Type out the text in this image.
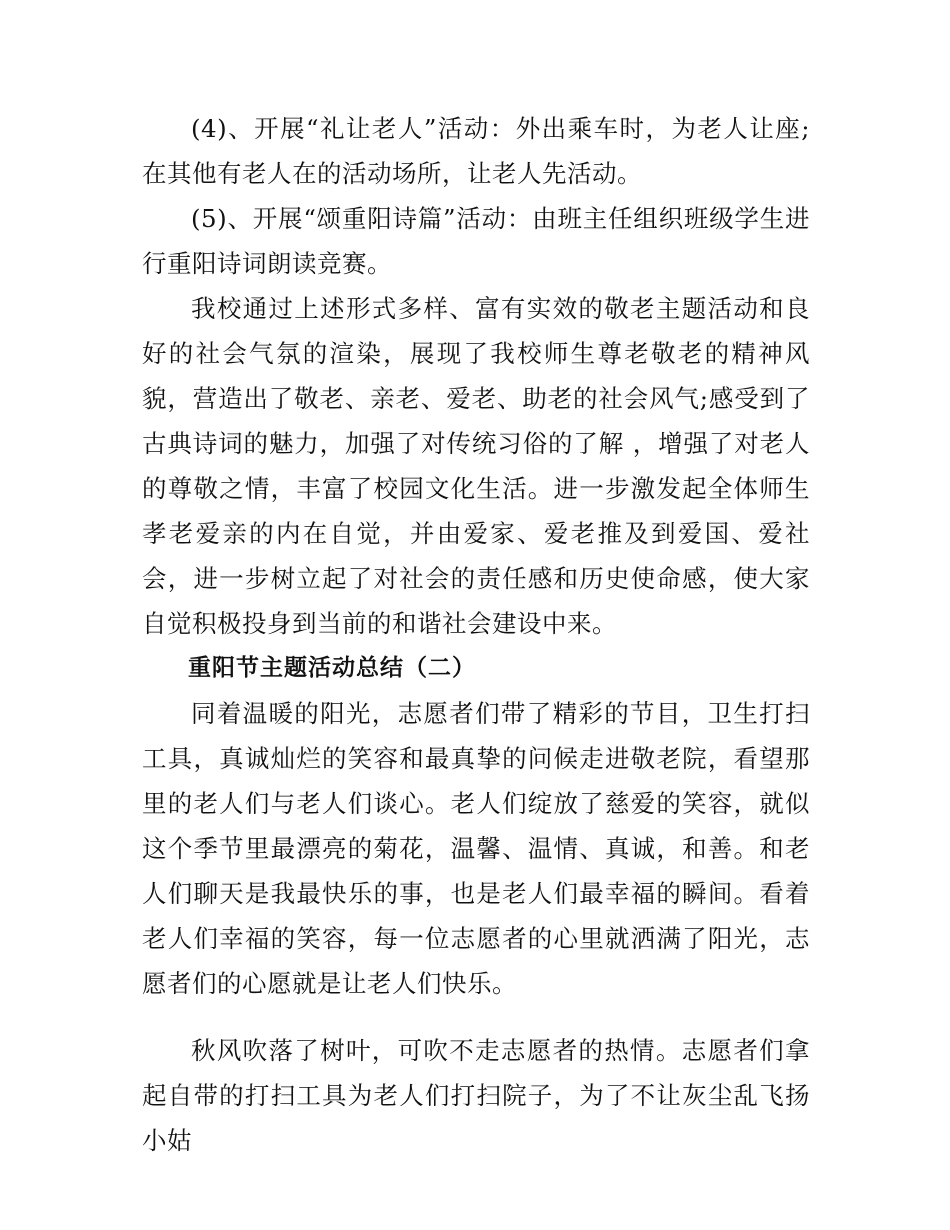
(4)、开展“礼让老人”活动：外出乘车时，为老人让座;在其他有老人在的活动场所，让老人先活动。

(5)、开展“颂重阳诗篇”活动：由班主任组织班级学生进行重阳诗词朗读竞赛。

我校通过上述形式多样、富有实效的敬老主题活动和良好的社会气氛的渲染，展现了我校师生尊老敬老的精神风貌，营造出了敬老、亲老、爱老、助老的社会风气;感受到了古典诗词的魅力，加强了对传统习俗的了解 ，增强了对老人的尊敬之情，丰富了校园文化生活。进一步激发起全体师生孝老爱亲的内在自觉，并由爱家、爱老推及到爱国、爱社会，进一步树立起了对社会的责任感和历史使命感，使大家自觉积极投身到当前的和谐社会建设中来。

重阳节主题活动总结（二）

同着温暖的阳光，志愿者们带了精彩的节目，卫生打扫工具，真诚灿烂的笑容和最真挚的问候走进敬老院，看望那里的老人们与老人们谈心。老人们绽放了慈爱的笑容，就似这个季节里最漂亮的菊花，温馨、温情、真诚，和善。和老人们聊天是我最快乐的事，也是老人们最幸福的瞬间。看着老人们幸福的笑容，每一位志愿者的心里就洒满了阳光，志愿者们的心愿就是让老人们快乐。

秋风吹落了树叶，可吹不走志愿者的热情。志愿者们拿起自带的打扫工具为老人们打扫院子，为了不让灰尘乱飞扬小姑
